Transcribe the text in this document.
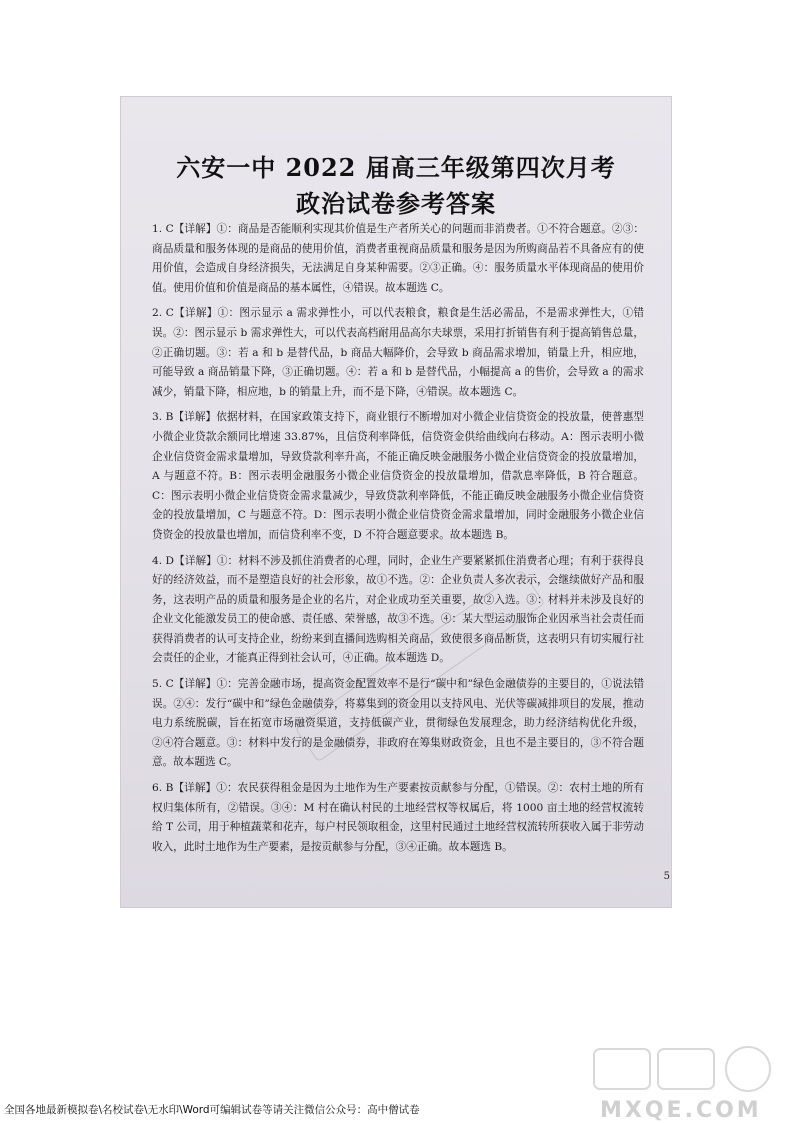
六安一中 2022 届高三年级第四次月考
政治试卷参考答案

1. C【详解】①：商品是否能顺利实现其价值是生产者所关心的问题而非消费者。①不符合题意。②③：商品质量和服务体现的是商品的使用价值，消费者重视商品质量和服务是因为所购商品若不具备应有的使用价值，会造成自身经济损失，无法满足自身某种需要。②③正确。④：服务质量水平体现商品的使用价值。使用价值和价值是商品的基本属性，④错误。故本题选 C。

2. C【详解】①：图示显示 a 需求弹性小，可以代表粮食，粮食是生活必需品，不是需求弹性大，①错误。②：图示显示 b 需求弹性大，可以代表高档耐用品高尔夫球票，采用打折销售有利于提高销售总量，②正确切题。③：若 a 和 b 是替代品，b 商品大幅降价，会导致 b 商品需求增加，销量上升，相应地，可能导致 a 商品销量下降，③正确切题。④：若 a 和 b 是替代品，小幅提高 a 的售价，会导致 a 的需求减少，销量下降，相应地，b 的销量上升，而不是下降，④错误。故本题选 C。

3. B【详解】依据材料，在国家政策支持下，商业银行不断增加对小微企业信贷资金的投放量，使普惠型小微企业贷款余额同比增速 33.87%，且信贷利率降低，信贷资金供给曲线向右移动。A：图示表明小微企业信贷资金需求量增加，导致贷款利率升高，不能正确反映金融服务小微企业信贷资金的投放量增加，A 与题意不符。B：图示表明金融服务小微企业信贷资金的投放量增加，借款息率降低，B 符合题意。C：图示表明小微企业信贷资金需求量减少，导致贷款利率降低，不能正确反映金融服务小微企业信贷资金的投放量增加，C 与题意不符。D：图示表明小微企业信贷资金需求量增加，同时金融服务小微企业信贷资金的投放量也增加，而信贷利率不变，D 不符合题意要求。故本题选 B。

4. D【详解】①：材料不涉及抓住消费者的心理，同时，企业生产要紧紧抓住消费者心理；有利于获得良好的经济效益，而不是塑造良好的社会形象，故①不选。②：企业负责人多次表示，会继续做好产品和服务，这表明产品的质量和服务是企业的名片，对企业成功至关重要，故②入选。③：材料并未涉及良好的企业文化能激发员工的使命感、责任感、荣誉感，故③不选。④：某大型运动服饰企业因承当社会责任而获得消费者的认可支持企业，纷纷来到直播间选购相关商品，致使很多商品断货，这表明只有切实履行社会责任的企业，才能真正得到社会认可，④正确。故本题选 D。

5. C【详解】①：完善金融市场，提高资金配置效率不是行“碳中和”绿色金融债券的主要目的，①说法错误。②④：发行“碳中和”绿色金融债券，将募集到的资金用以支持风电、光伏等碳减排项目的发展，推动电力系统脱碳，旨在拓宽市场融资渠道，支持低碳产业，贯彻绿色发展理念，助力经济结构优化升级，②④符合题意。③：材料中发行的是金融债券，非政府在筹集财政资金，且也不是主要目的，③不符合题意。故本题选 C。

6. B【详解】①：农民获得租金是因为土地作为生产要素按贡献参与分配，①错误。②：农村土地的所有权归集体所有，②错误。③④：M 村在确认村民的土地经营权等权属后，将 1000 亩土地的经营权流转给 T 公司，用于种植蔬菜和花卉，每户村民领取租金，这里村民通过土地经营权流转所获收入属于非劳动收入，此时土地作为生产要素，是按贡献参与分配，③④正确。故本题选 B。

5
MXQE.COM
全国各地最新模拟卷\名校试卷\无水印\Word可编辑试卷等请关注微信公众号：高中僧试卷
